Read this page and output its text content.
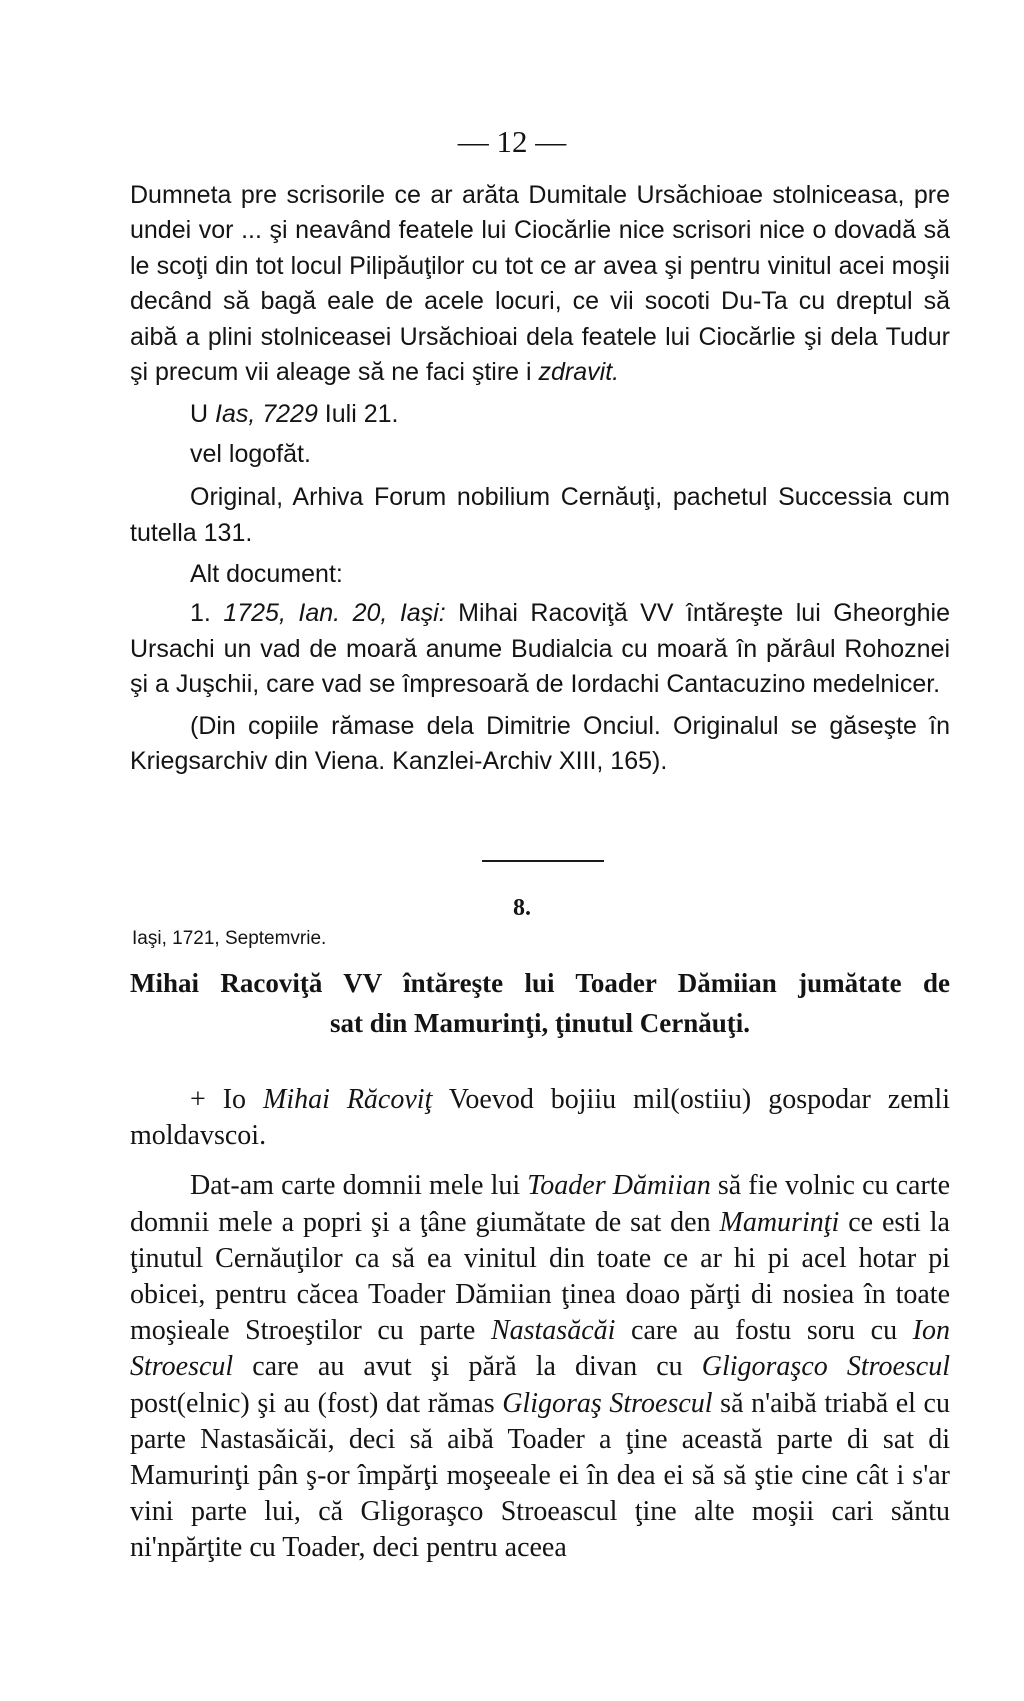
— 12 —

Dumneta pre scrisorile ce ar arăta Dumitale Ursăchioae stolniceasa, pre undei vor ... şi neavând featele lui Ciocărlie nice scrisori nice o dovadă să le scoţi din tot locul Pilipăuţilor cu tot ce ar avea şi pentru vinitul acei moşii decând să bagă eale de acele locuri, ce vii socoti Du-Ta cu dreptul să aibă a plini stolniceasei Ursăchioai dela featele lui Ciocărlie şi dela Tudur şi precum vii aleage să ne faci ştire i zdravit.

U Ias, 7229 Iuli 21.

vel logofăt.

Original, Arhiva Forum nobilium Cernăuţi, pachetul Successia cum tutella 131.

Alt document:

1. 1725, Ian. 20, Iaşi: Mihai Racoviţă VV întăreşte lui Gheorghie Ursachi un vad de moară anume Budialcia cu moară în părâul Rohoznei şi a Juşchii, care vad se împresoară de Iordachi Cantacuzino medelnicer.

(Din copiile rămase dela Dimitrie Onciul. Originalul se găseşte în Kriegsarchiv din Viena. Kanzlei-Archiv XIII, 165).

8.
Iaşi, 1721, Septemvrie.
Mihai Racoviţă VV întăreşte lui Toader Dămiian jumătate de
sat din Mamurinţi, ţinutul Cernăuţi.

+ Io Mihai Răcoviţ Voevod bojiiu mil(ostiiu) gospodar zemli moldavscoi.

Dat-am carte domnii mele lui Toader Dămiian să fie volnic cu carte domnii mele a popri şi a ţâne giumătate de sat den Mamurinţi ce esti la ţinutul Cernăuţilor ca să ea vinitul din toate ce ar hi pi acel hotar pi obicei, pentru căcea Toader Dămiian ţinea doao părţi di nosiea în toate moşieale Stroeştilor cu parte Nastasăcăi care au fostu soru cu Ion Stroescul care au avut şi pără la divan cu Gligoraşco Stroescul post(elnic) şi au (fost) dat rămas Gligoraş Stroescul să n'aibă triabă el cu parte Nastasăicăi, deci să aibă Toader a ţine această parte di sat di Mamurinţi pân ş-or împărţi moşeeale ei în dea ei să să ştie cine cât i s'ar vini parte lui, că Gligoraşco Stroeascul ţine alte moşii cari săntu ni'npărţite cu Toader, deci pentru aceea
